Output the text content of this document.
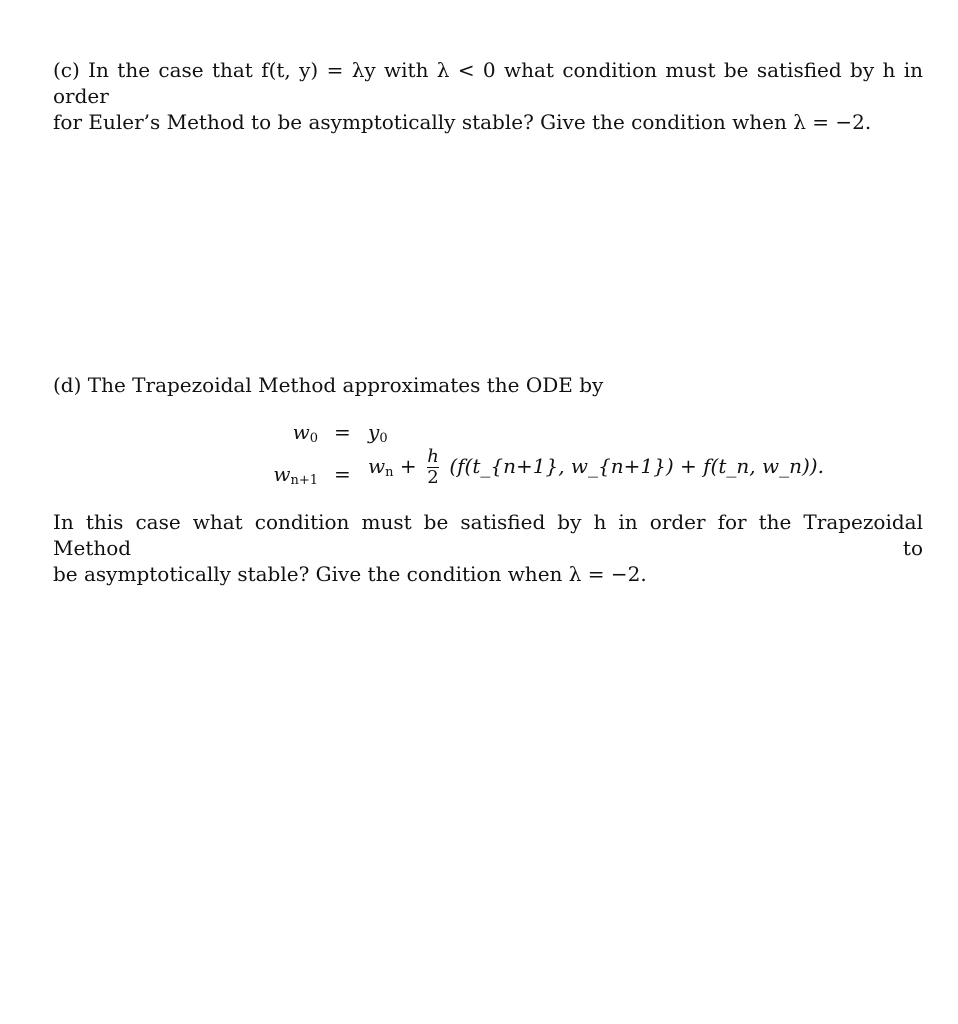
(c) In the case that f(t, y) = λy with λ < 0 what condition must be satisfied by h in order
for Euler’s Method to be asymptotically stable? Give the condition when λ = −2.

(d) The Trapezoidal Method approximates the ODE by

$w_0 = y_0$
$w_{n+1} = w_n + \frac{h}{2}$ (f(t_{n+1}, w_{n+1}) + f(t_n, w_n)).

In this case what condition must be satisfied by h in order for the Trapezoidal Method to
be asymptotically stable? Give the condition when λ = −2.
